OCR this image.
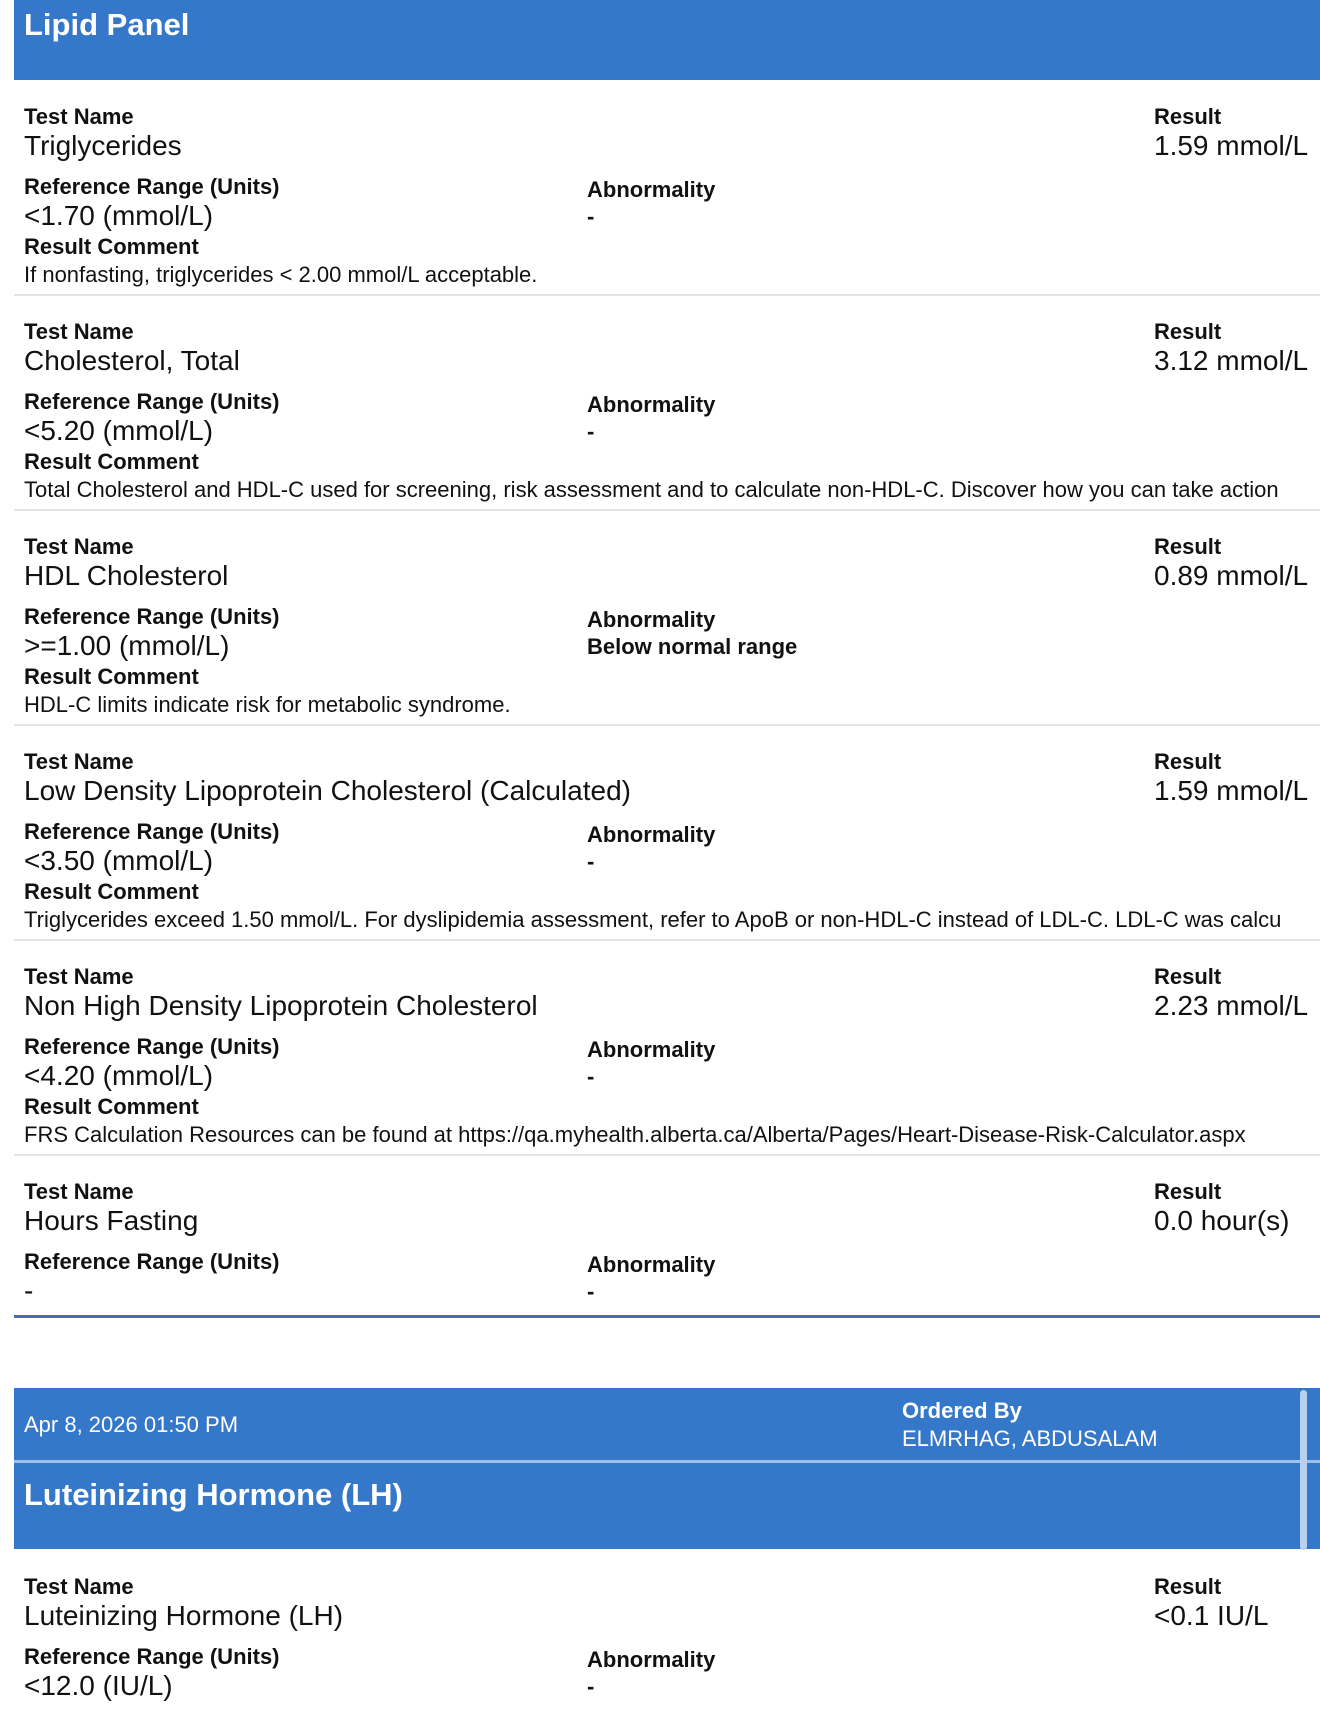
Lipid Panel
Test Name
Triglycerides
Result
1.59 mmol/L
Reference Range (Units)
<1.70 (mmol/L)
Abnormality
-
Result Comment
If nonfasting, triglycerides < 2.00 mmol/L acceptable.
Test Name
Cholesterol, Total
Result
3.12 mmol/L
Reference Range (Units)
<5.20 (mmol/L)
Abnormality
-
Result Comment
Total Cholesterol and HDL-C used for screening, risk assessment and to calculate non-HDL-C. Discover how you can take action
Test Name
HDL Cholesterol
Result
0.89 mmol/L
Reference Range (Units)
>=1.00 (mmol/L)
Abnormality
Below normal range
Result Comment
HDL-C limits indicate risk for metabolic syndrome.
Test Name
Low Density Lipoprotein Cholesterol (Calculated)
Result
1.59 mmol/L
Reference Range (Units)
<3.50 (mmol/L)
Abnormality
-
Result Comment
Triglycerides exceed 1.50 mmol/L. For dyslipidemia assessment, refer to ApoB or non-HDL-C instead of LDL-C. LDL-C was calcu
Test Name
Non High Density Lipoprotein Cholesterol
Result
2.23 mmol/L
Reference Range (Units)
<4.20 (mmol/L)
Abnormality
-
Result Comment
FRS Calculation Resources can be found at https://qa.myhealth.alberta.ca/Alberta/Pages/Heart-Disease-Risk-Calculator.aspx
Test Name
Hours Fasting
Result
0.0 hour(s)
Reference Range (Units)
-
Abnormality
-
Apr 8, 2026 01:50 PM
Ordered By
ELMRHAG, ABDUSALAM
Luteinizing Hormone (LH)
Test Name
Luteinizing Hormone (LH)
Result
<0.1 IU/L
Reference Range (Units)
<12.0 (IU/L)
Abnormality
-
